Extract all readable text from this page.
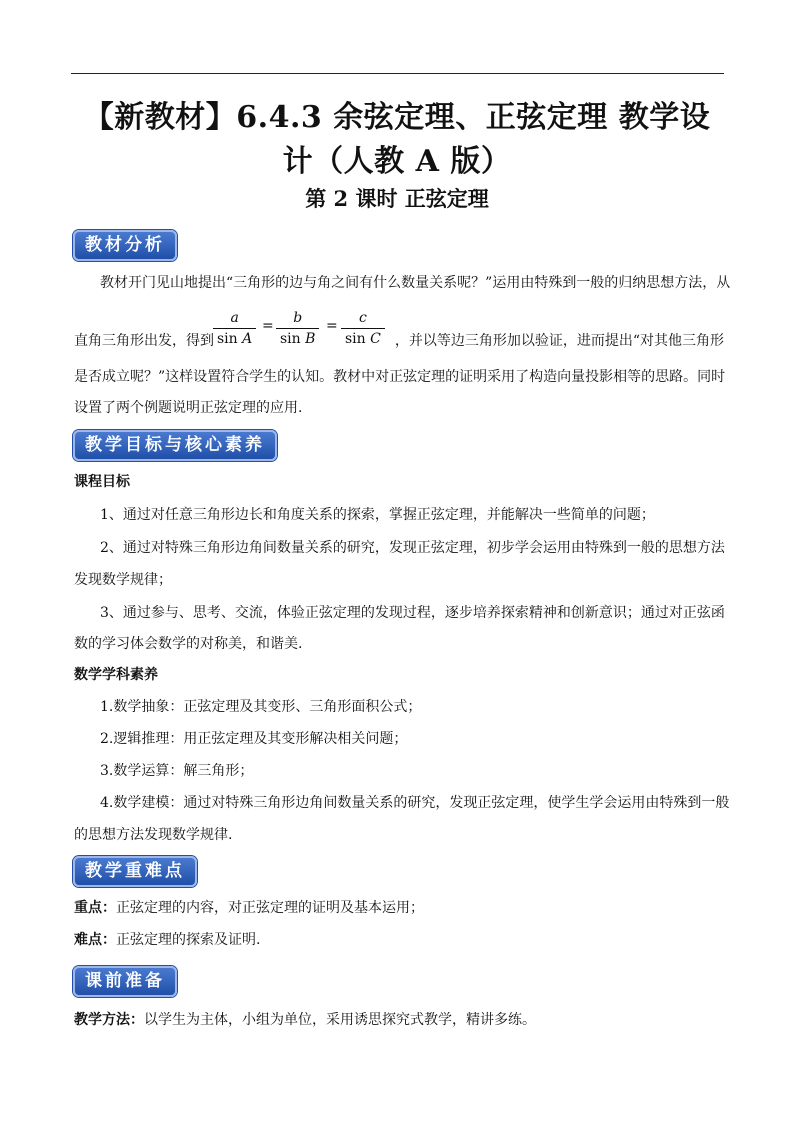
【新教材】6.4.3 余弦定理、正弦定理 教学设
计（人教 A 版）
第 2 课时 正弦定理
教材分析
教材开门见山地提出“三角形的边与角之间有什么数量关系呢？”运用由特殊到一般的归纳思想方法，从
直角三角形出发，得到	，并以等边三角形加以验证，进而提出“对其他三角形
$\frac{a}{\text{sin A}} = \frac{b}{\text{sin B}} = \frac{c}{\text{sin C}}$
是否成立呢？”这样设置符合学生的认知。教材中对正弦定理的证明采用了构造向量投影相等的思路。同时
设置了两个例题说明正弦定理的应用.
教学目标与核心素养
课程目标
1、通过对任意三角形边长和角度关系的探索，掌握正弦定理，并能解决一些简单的问题；
2、通过对特殊三角形边角间数量关系的研究，发现正弦定理，初步学会运用由特殊到一般的思想方法
发现数学规律；
3、通过参与、思考、交流，体验正弦定理的发现过程，逐步培养探索精神和创新意识；通过对正弦函
数的学习体会数学的对称美，和谐美.
数学学科素养
1.数学抽象：正弦定理及其变形、三角形面积公式；
2.逻辑推理：用正弦定理及其变形解决相关问题；
3.数学运算：解三角形；
4.数学建模：通过对特殊三角形边角间数量关系的研究，发现正弦定理，使学生学会运用由特殊到一般
的思想方法发现数学规律.
教学重难点
重点：正弦定理的内容，对正弦定理的证明及基本运用；
难点：正弦定理的探索及证明.
课前准备
教学方法：以学生为主体，小组为单位，采用诱思探究式教学，精讲多练。
